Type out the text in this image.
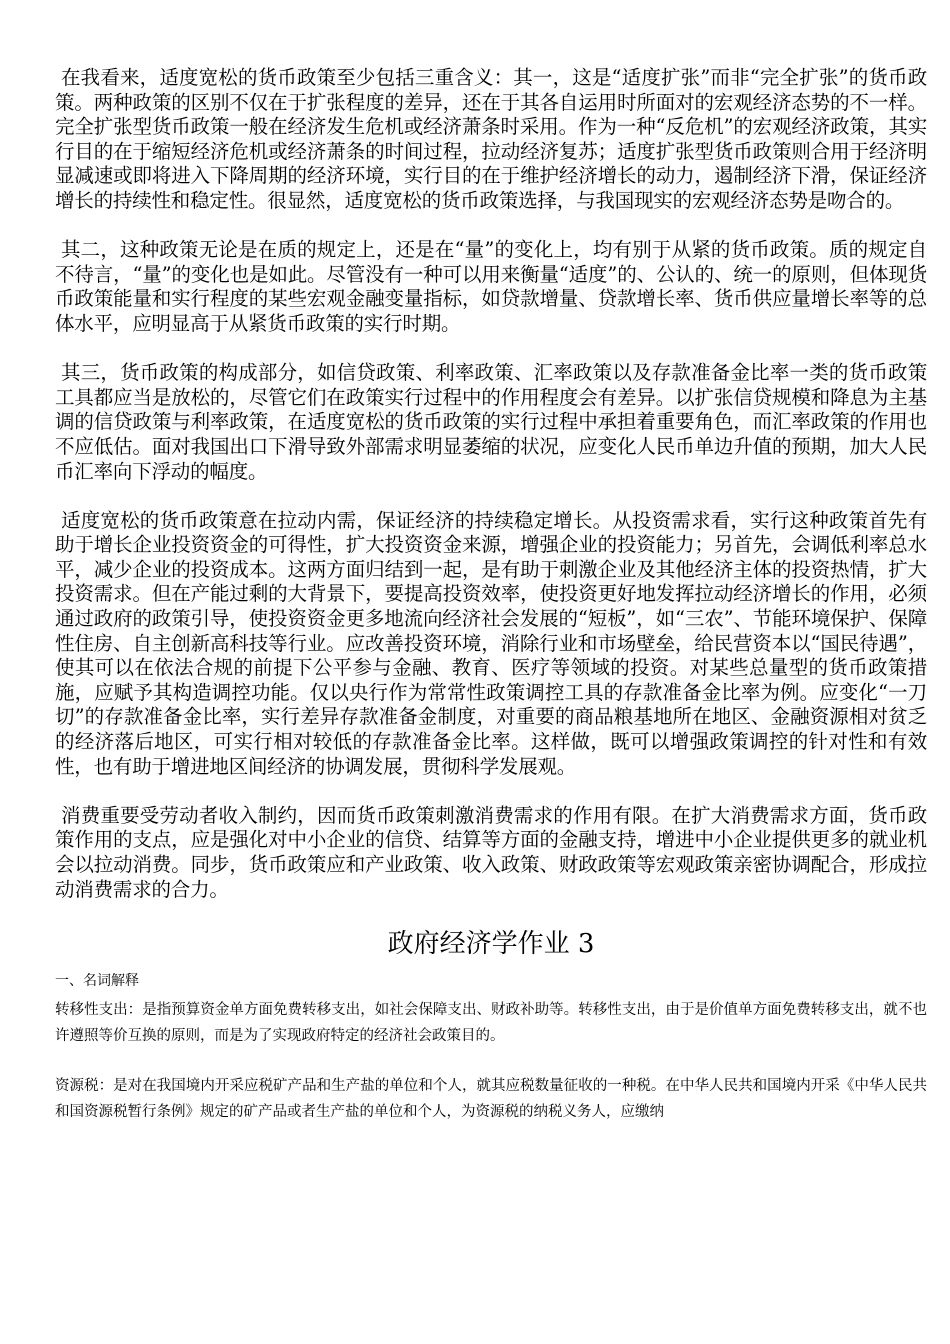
在我看来，适度宽松的货币政策至少包括三重含义：其一，这是“适度扩张”而非“完全扩张”的货币政策。两种政策的区别不仅在于扩张程度的差异，还在于其各自运用时所面对的宏观经济态势的不一样。完全扩张型货币政策一般在经济发生危机或经济萧条时采用。作为一种“反危机”的宏观经济政策，其实行目的在于缩短经济危机或经济萧条的时间过程，拉动经济复苏；适度扩张型货币政策则合用于经济明显减速或即将进入下降周期的经济环境，实行目的在于维护经济增长的动力，遏制经济下滑，保证经济增长的持续性和稳定性。很显然，适度宽松的货币政策选择，与我国现实的宏观经济态势是吻合的。

其二，这种政策无论是在质的规定上，还是在“量”的变化上，均有别于从紧的货币政策。质的规定自不待言，“量”的变化也是如此。尽管没有一种可以用来衡量“适度”的、公认的、统一的原则，但体现货币政策能量和实行程度的某些宏观金融变量指标，如贷款增量、贷款增长率、货币供应量增长率等的总体水平，应明显高于从紧货币政策的实行时期。

其三，货币政策的构成部分，如信贷政策、利率政策、汇率政策以及存款准备金比率一类的货币政策工具都应当是放松的，尽管它们在政策实行过程中的作用程度会有差异。以扩张信贷规模和降息为主基调的信贷政策与利率政策，在适度宽松的货币政策的实行过程中承担着重要角色，而汇率政策的作用也不应低估。面对我国出口下滑导致外部需求明显萎缩的状况，应变化人民币单边升值的预期，加大人民币汇率向下浮动的幅度。

适度宽松的货币政策意在拉动内需，保证经济的持续稳定增长。从投资需求看，实行这种政策首先有助于增长企业投资资金的可得性，扩大投资资金来源，增强企业的投资能力；另首先，会调低利率总水平，减少企业的投资成本。这两方面归结到一起，是有助于刺激企业及其他经济主体的投资热情，扩大投资需求。但在产能过剩的大背景下，要提高投资效率，使投资更好地发挥拉动经济增长的作用，必须通过政府的政策引导，使投资资金更多地流向经济社会发展的“短板”，如“三农”、节能环境保护、保障性住房、自主创新高科技等行业。应改善投资环境，消除行业和市场壁垒，给民营资本以“国民待遇”，使其可以在依法合规的前提下公平参与金融、教育、医疗等领域的投资。对某些总量型的货币政策措施，应赋予其构造调控功能。仅以央行作为常常性政策调控工具的存款准备金比率为例。应变化“一刀切”的存款准备金比率，实行差异存款准备金制度，对重要的商品粮基地所在地区、金融资源相对贫乏的经济落后地区，可实行相对较低的存款准备金比率。这样做，既可以增强政策调控的针对性和有效性，也有助于增进地区间经济的协调发展，贯彻科学发展观。

消费重要受劳动者收入制约，因而货币政策刺激消费需求的作用有限。在扩大消费需求方面，货币政策作用的支点，应是强化对中小企业的信贷、结算等方面的金融支持，增进中小企业提供更多的就业机会以拉动消费。同步，货币政策应和产业政策、收入政策、财政政策等宏观政策亲密协调配合，形成拉动消费需求的合力。

政府经济学作业 3
一、名词解释

转移性支出：是指预算资金单方面免费转移支出，如社会保障支出、财政补助等。转移性支出，由于是价值单方面免费转移支出，就不也许遵照等价互换的原则，而是为了实现政府特定的经济社会政策目的。

资源税：是对在我国境内开采应税矿产品和生产盐的单位和个人，就其应税数量征收的一种税。在中华人民共和国境内开采《中华人民共和国资源税暂行条例》规定的矿产品或者生产盐的单位和个人，为资源税的纳税义务人，应缴纳
